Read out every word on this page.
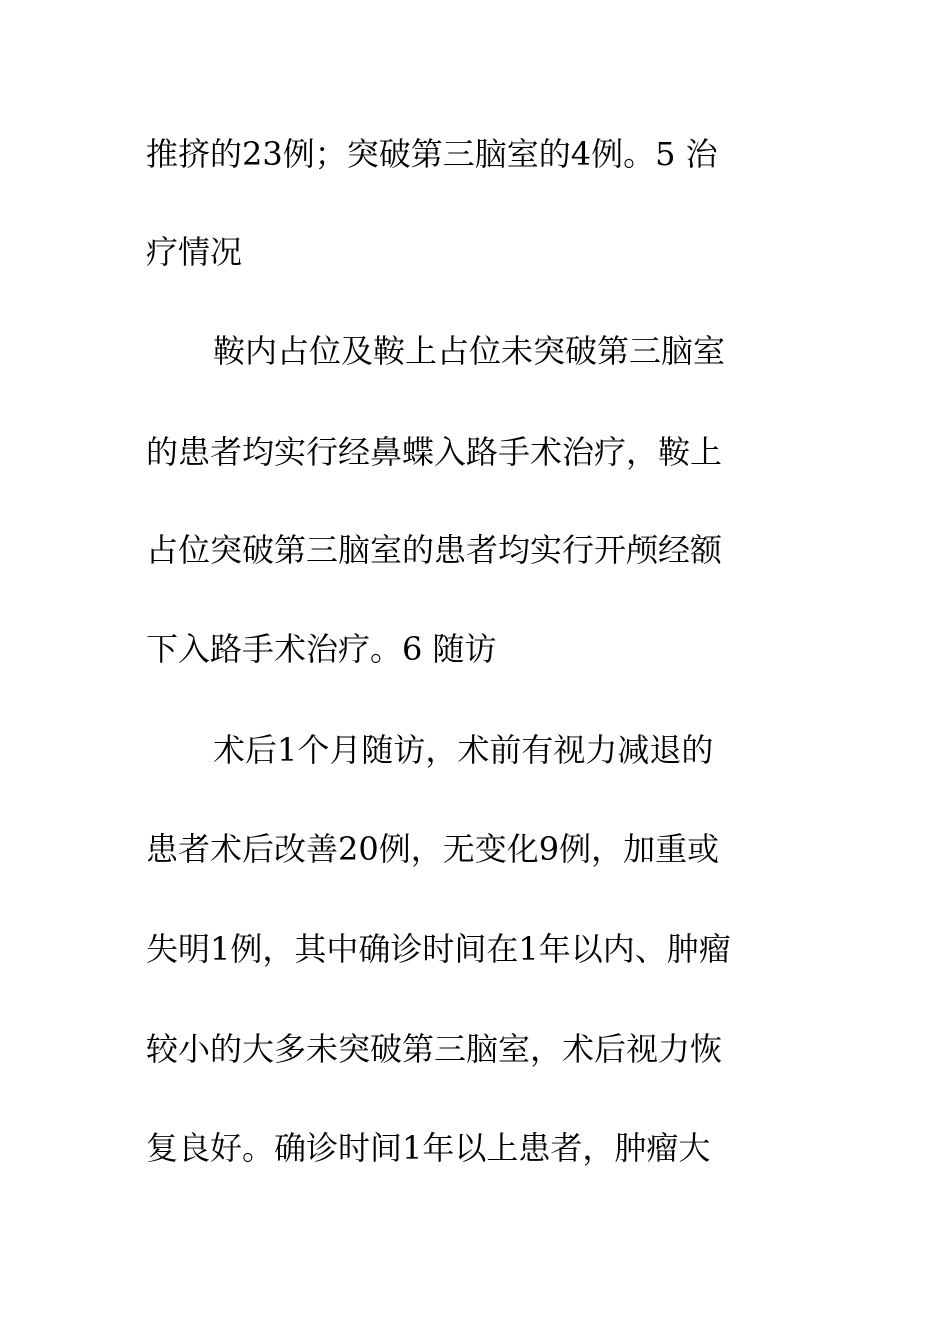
推挤的23例；突破第三脑室的4例。5 治
疗情况
鞍内占位及鞍上占位未突破第三脑室
的患者均实行经鼻蝶入路手术治疗，鞍上
占位突破第三脑室的患者均实行开颅经额
下入路手术治疗。6 随访
术后1个月随访，术前有视力减退的
患者术后改善20例，无变化9例，加重或
失明1例，其中确诊时间在1年以内、肿瘤
较小的大多未突破第三脑室，术后视力恢
复良好。确诊时间1年以上患者，肿瘤大
